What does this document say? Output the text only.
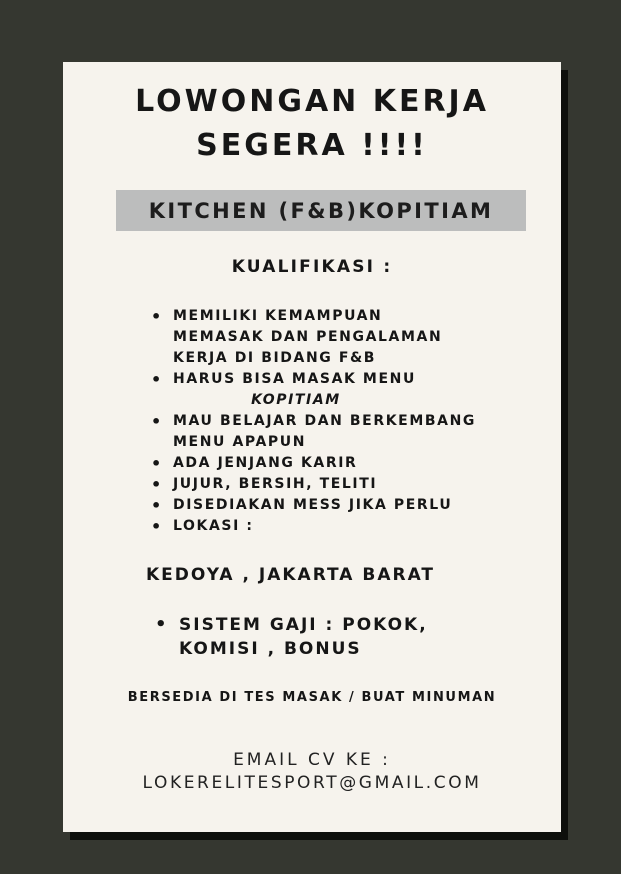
LOWONGAN KERJA
SEGERA !!!!
KITCHEN (F&B)KOPITIAM
KUALIFIKASI :
• MEMILIKI KEMAMPUAN MEMASAK DAN PENGALAMAN KERJA DI BIDANG F&B
• HARUS BISA MASAK MENU
KOPITIAM
• MAU BELAJAR DAN BERKEMBANG MENU APAPUN
• ADA JENJANG KARIR
• JUJUR, BERSIH, TELITI
• DISEDIAKAN MESS JIKA PERLU
• LOKASI :
KEDOYA , JAKARTA BARAT
• SISTEM GAJI : POKOK, KOMISI , BONUS
BERSEDIA DI TES MASAK / BUAT MINUMAN
EMAIL CV KE :
LOKERELITESPORT@GMAIL.COM
